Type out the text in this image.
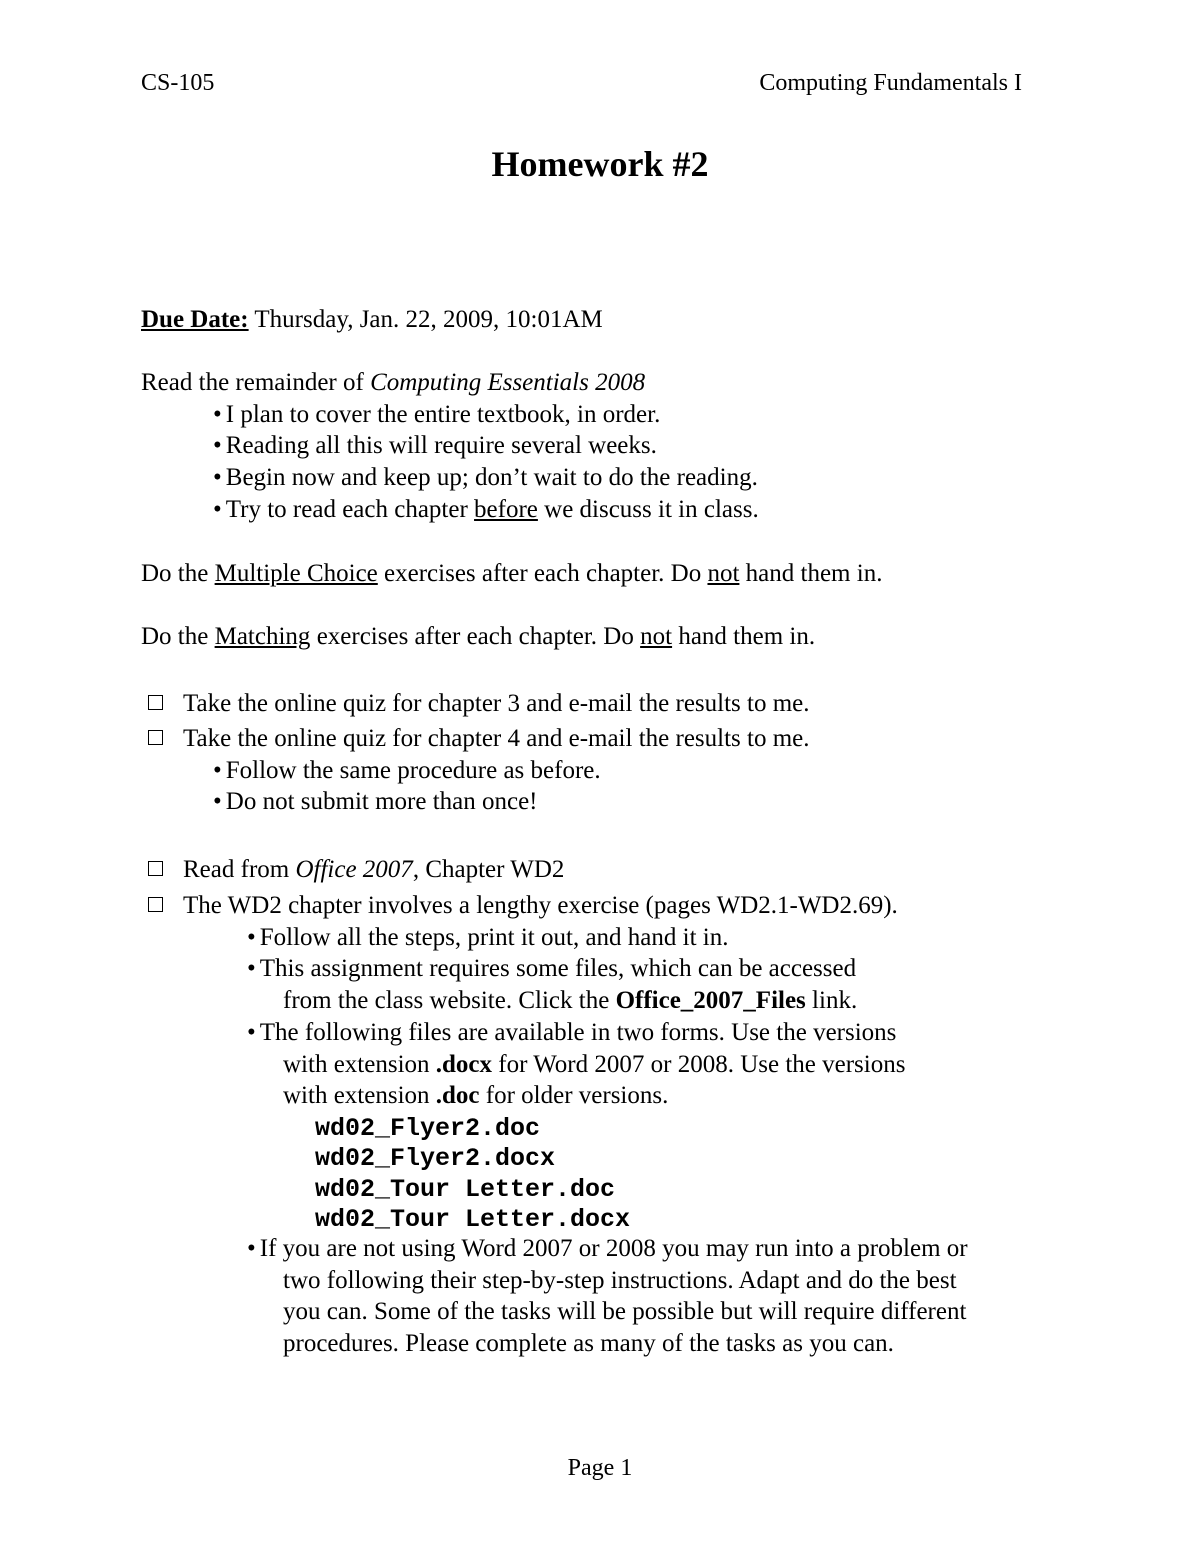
CS-105	Computing Fundamentals I
Homework #2
Due Date: Thursday, Jan. 22, 2009, 10:01AM
Read the remainder of Computing Essentials 2008
• I plan to cover the entire textbook, in order.
• Reading all this will require several weeks.
• Begin now and keep up; don’t wait to do the reading.
• Try to read each chapter before we discuss it in class.
Do the Multiple Choice exercises after each chapter. Do not hand them in.
Do the Matching exercises after each chapter. Do not hand them in.
Take the online quiz for chapter 3 and e-mail the results to me.
Take the online quiz for chapter 4 and e-mail the results to me.
• Follow the same procedure as before.
• Do not submit more than once!
Read from Office 2007, Chapter WD2
The WD2 chapter involves a lengthy exercise (pages WD2.1-WD2.69).
• Follow all the steps, print it out, and hand it in.
• This assignment requires some files, which can be accessed
from the class website. Click the Office_2007_Files link.
• The following files are available in two forms. Use the versions
with extension .docx for Word 2007 or 2008. Use the versions
with extension .doc for older versions.
wd02_Flyer2.doc
wd02_Flyer2.docx
wd02_Tour Letter.doc
wd02_Tour Letter.docx
• If you are not using Word 2007 or 2008 you may run into a problem or
two following their step-by-step instructions. Adapt and do the best
you can. Some of the tasks will be possible but will require different
procedures. Please complete as many of the tasks as you can.
Page 1
